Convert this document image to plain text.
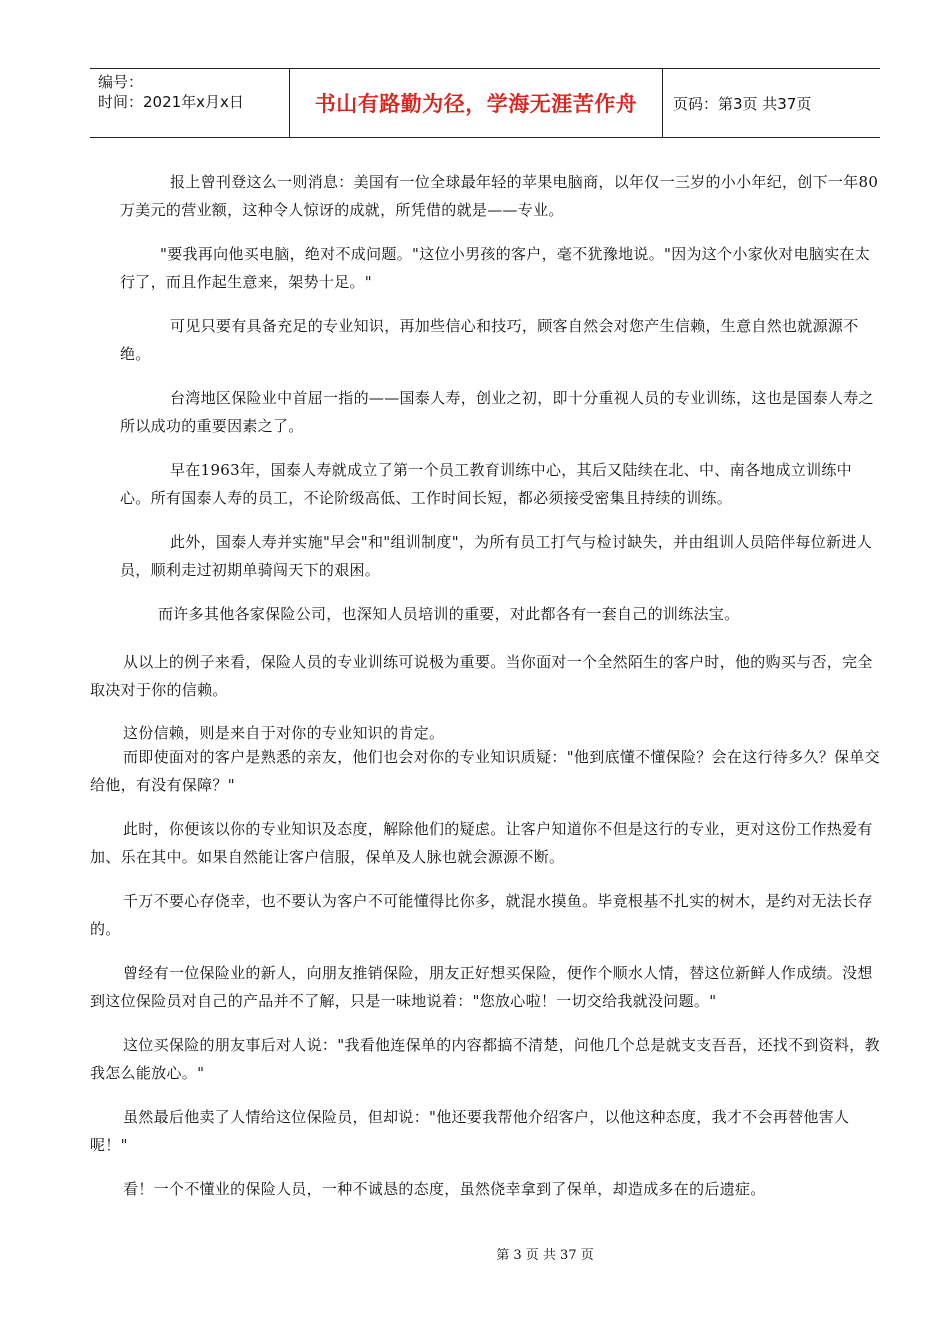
编号：
时间：2021年x月x日	书山有路勤为径，学海无涯苦作舟	页码：第3页 共37页

报上曾刊登这么一则消息：美国有一位全球最年轻的苹果电脑商，以年仅一三岁的小小年纪，创下一年80万美元的营业额，这种令人惊讶的成就，所凭借的就是——专业。

"要我再向他买电脑，绝对不成问题。"这位小男孩的客户，毫不犹豫地说。"因为这个小家伙对电脑实在太行了，而且作起生意来，架势十足。"

可见只要有具备充足的专业知识，再加些信心和技巧，顾客自然会对您产生信赖，生意自然也就源源不绝。

台湾地区保险业中首屈一指的——国泰人寿，创业之初，即十分重视人员的专业训练，这也是国泰人寿之所以成功的重要因素之了。

早在1963年，国泰人寿就成立了第一个员工教育训练中心，其后又陆续在北、中、南各地成立训练中心。所有国泰人寿的员工，不论阶级高低、工作时间长短，都必须接受密集且持续的训练。

此外，国泰人寿并实施"早会"和"组训制度"，为所有员工打气与检讨缺失，并由组训人员陪伴每位新进人员，顺利走过初期单骑闯天下的艰困。

而许多其他各家保险公司，也深知人员培训的重要，对此都各有一套自己的训练法宝。

从以上的例子来看，保险人员的专业训练可说极为重要。当你面对一个全然陌生的客户时，他的购买与否，完全取决对于你的信赖。

这份信赖，则是来自于对你的专业知识的肯定。

而即使面对的客户是熟悉的亲友，他们也会对你的专业知识质疑："他到底懂不懂保险？会在这行待多久？保单交给他，有没有保障？"

此时，你便该以你的专业知识及态度，解除他们的疑虑。让客户知道你不但是这行的专业，更对这份工作热爱有加、乐在其中。如果自然能让客户信服，保单及人脉也就会源源不断。

千万不要心存侥幸，也不要认为客户不可能懂得比你多，就混水摸鱼。毕竟根基不扎实的树木，是约对无法长存的。

曾经有一位保险业的新人，向朋友推销保险，朋友正好想买保险，便作个顺水人情，替这位新鲜人作成绩。没想到这位保险员对自己的产品并不了解，只是一味地说着："您放心啦！一切交给我就没问题。"

这位买保险的朋友事后对人说："我看他连保单的内容都搞不清楚，问他几个总是就支支吾吾，还找不到资料，教我怎么能放心。"

虽然最后他卖了人情给这位保险员，但却说："他还要我帮他介绍客户，以他这种态度，我才不会再替他害人呢！"

看！一个不懂业的保险人员，一种不诚恳的态度，虽然侥幸拿到了保单，却造成多在的后遗症。

第 3 页 共 37 页
